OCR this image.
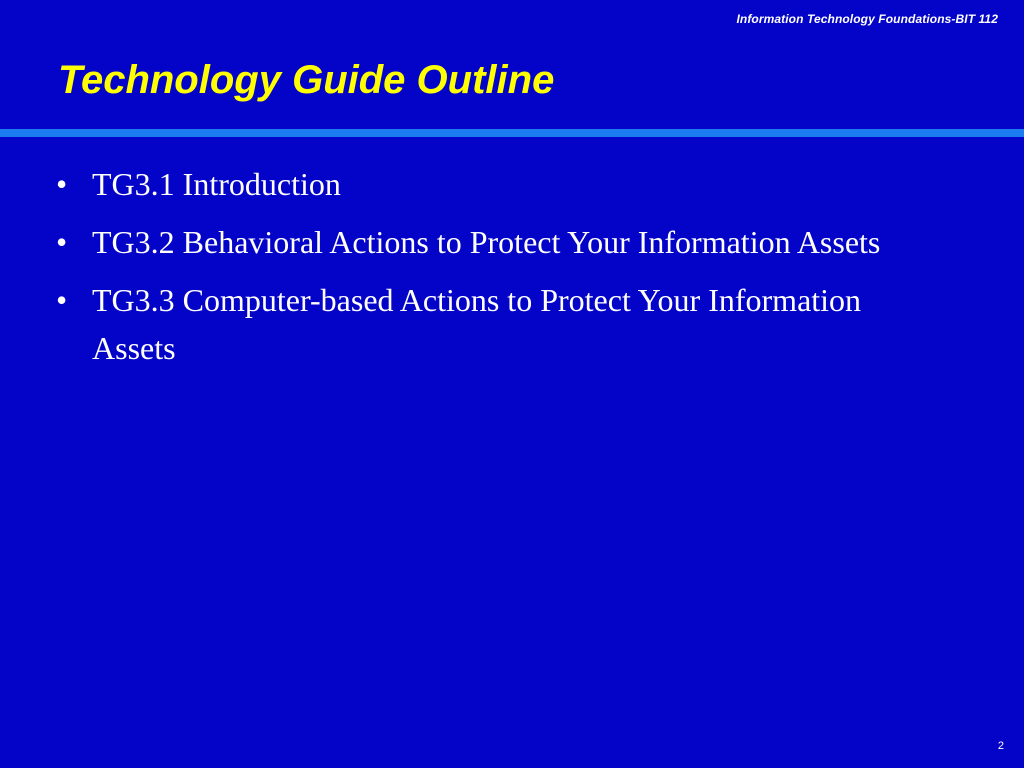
Information Technology Foundations-BIT 112
Technology Guide Outline
• TG3.1 Introduction
• TG3.2 Behavioral Actions to Protect Your Information Assets
• TG3.3 Computer-based Actions to Protect Your Information Assets
2
